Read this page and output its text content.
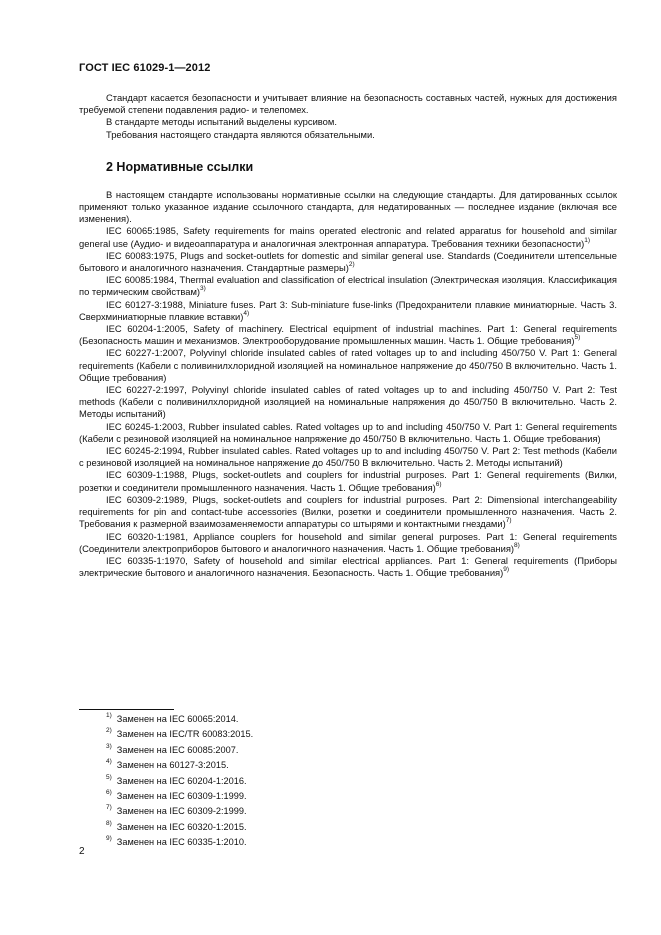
ГОСТ IEC 61029-1—2012

Стандарт касается безопасности и учитывает влияние на безопасность составных частей, нужных для достижения требуемой степени подавления радио- и телепомех.

В стандарте методы испытаний выделены курсивом.

Требования настоящего стандарта являются обязательными.

2 Нормативные ссылки

В настоящем стандарте использованы нормативные ссылки на следующие стандарты. Для датированных ссылок применяют только указанное издание ссылочного стандарта, для недатированных — последнее издание (включая все изменения).

IEC 60065:1985, Safety requirements for mains operated electronic and related apparatus for household and similar general use (Аудио- и видеоаппаратура и аналогичная электронная аппаратура. Требования техники безопасности)$^{1)}$

IEC 60083:1975, Plugs and socket-outlets for domestic and similar general use. Standards (Соединители штепсельные бытового и аналогичного назначения. Стандартные размеры)$^{2)}$

IEC 60085:1984, Thermal evaluation and classification of electrical insulation (Электрическая изоляция. Классификация по термическим свойствам)$^{3)}$

IEC 60127-3:1988, Miniature fuses. Part 3: Sub-miniature fuse-links (Предохранители плавкие миниатюрные. Часть 3. Сверхминиатюрные плавкие вставки)$^{4)}$

IEC 60204-1:2005, Safety of machinery. Electrical equipment of industrial machines. Part 1: General requirements (Безопасность машин и механизмов. Электрооборудование промышленных машин. Часть 1. Общие требования)$^{5)}$

IEC 60227-1:2007, Polyvinyl chloride insulated cables of rated voltages up to and including 450/750 V. Part 1: General requirements (Кабели с поливинилхлоридной изоляцией на номинальное напряжение до 450/750 В включительно. Часть 1. Общие требования)

IEC 60227-2:1997, Polyvinyl chloride insulated cables of rated voltages up to and including 450/750 V. Part 2: Test methods (Кабели с поливинилхлоридной изоляцией на номинальные напряжения до 450/750 В включительно. Часть 2. Методы испытаний)

IEC 60245-1:2003, Rubber insulated cables. Rated voltages up to and including 450/750 V. Part 1: General requirements (Кабели с резиновой изоляцией на номинальное напряжение до 450/750 В включительно. Часть 1. Общие требования)

IEC 60245-2:1994, Rubber insulated cables. Rated voltages up to and including 450/750 V. Part 2: Test methods (Кабели с резиновой изоляцией на номинальное напряжение до 450/750 В включительно. Часть 2. Методы испытаний)

IEC 60309-1:1988, Plugs, socket-outlets and couplers for industrial purposes. Part 1: General requirements (Вилки, розетки и соединители промышленного назначения. Часть 1. Общие требования)$^{6)}$

IEC 60309-2:1989, Plugs, socket-outlets and couplers for industrial purposes. Part 2: Dimensional interchangeability requirements for pin and contact-tube accessories (Вилки, розетки и соединители промышленного назначения. Часть 2. Требования к размерной взаимозаменяемости аппаратуры со штырями и контактными гнездами)$^{7)}$

IEC 60320-1:1981, Appliance couplers for household and similar general purposes. Part 1: General requirements (Соединители электроприборов бытового и аналогичного назначения. Часть 1. Общие требования)$^{8)}$

IEC 60335-1:1970, Safety of household and similar electrical appliances. Part 1: General requirements (Приборы электрические бытового и аналогичного назначения. Безопасность. Часть 1. Общие требования)$^{9)}$

$^{1)}$ Заменен на IEC 60065:2014.
$^{2)}$ Заменен на IEC/TR 60083:2015.
$^{3)}$ Заменен на IEC 60085:2007.
$^{4)}$ Заменен на 60127-3:2015.
$^{5)}$ Заменен на IEC 60204-1:2016.
$^{6)}$ Заменен на IEC 60309-1:1999.
$^{7)}$ Заменен на IEC 60309-2:1999.
$^{8)}$ Заменен на IEC 60320-1:2015.
$^{9)}$ Заменен на IEC 60335-1:2010.
2
